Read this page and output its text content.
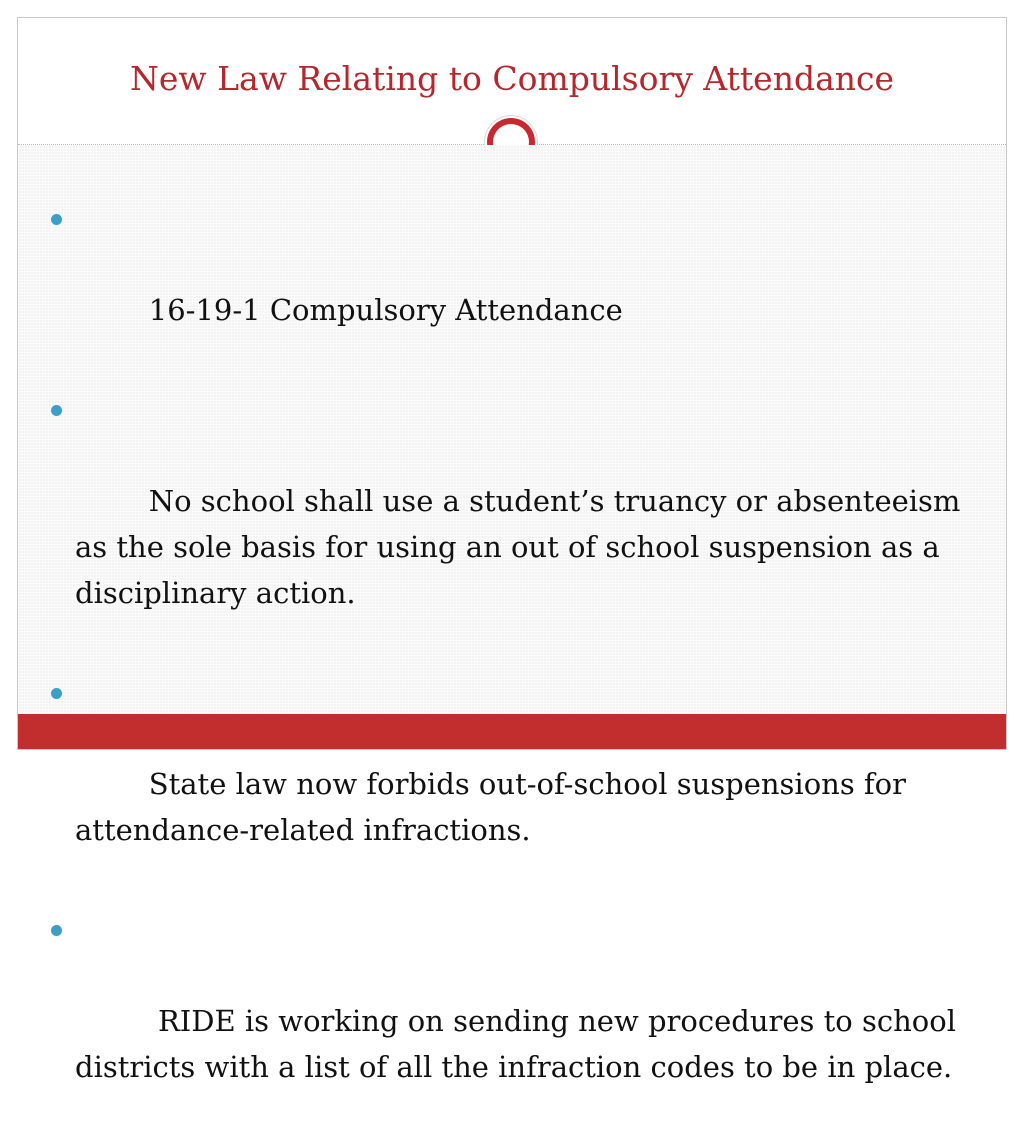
New Law Relating to Compulsory Attendance

16-19-1 Compulsory Attendance

No school shall use a student’s truancy or absenteeism as the sole basis for using an out of school suspension as a disciplinary action.

State law now forbids out-of-school suspensions for attendance-related infractions.

RIDE is working on sending new procedures to school districts with a list of all the infraction codes to be in place.
